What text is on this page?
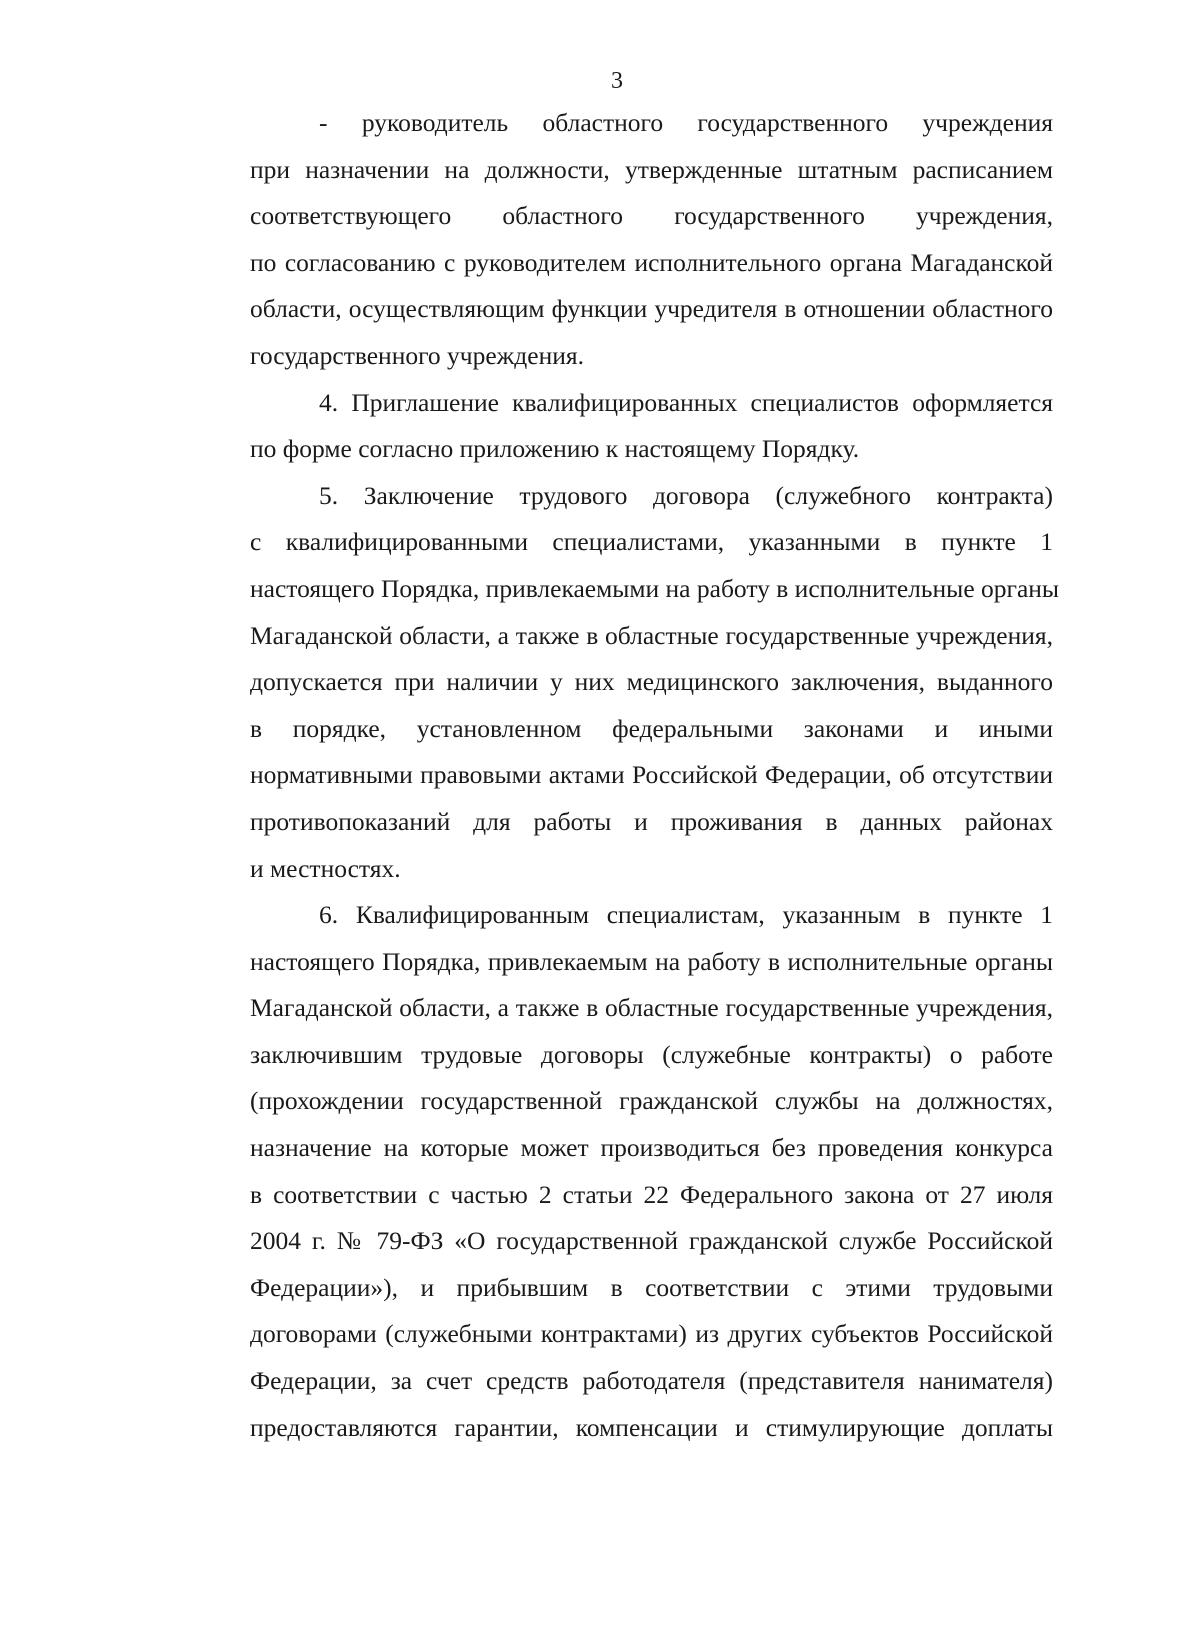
3
- руководитель областного государственного учреждения
при назначении на должности, утвержденные штатным расписанием
соответствующего областного государственного учреждения,
по согласованию с руководителем исполнительного органа Магаданской
области, осуществляющим функции учредителя в отношении областного
государственного учреждения.
4. Приглашение квалифицированных специалистов оформляется
по форме согласно приложению к настоящему Порядку.
5. Заключение трудового договора (служебного контракта)
с квалифицированными специалистами, указанными в пункте 1
настоящего Порядка, привлекаемыми на работу в исполнительные органы
Магаданской области, а также в областные государственные учреждения,
допускается при наличии у них медицинского заключения, выданного
в порядке, установленном федеральными законами и иными
нормативными правовыми актами Российской Федерации, об отсутствии
противопоказаний для работы и проживания в данных районах
и местностях.
6. Квалифицированным специалистам, указанным в пункте 1
настоящего Порядка, привлекаемым на работу в исполнительные органы
Магаданской области, а также в областные государственные учреждения,
заключившим трудовые договоры (служебные контракты) о работе
(прохождении государственной гражданской службы на должностях,
назначение на которые может производиться без проведения конкурса
в соответствии с частью 2 статьи 22 Федерального закона от 27 июля
2004 г. № 79-ФЗ «О государственной гражданской службе Российской
Федерации»), и прибывшим в соответствии с этими трудовыми
договорами (служебными контрактами) из других субъектов Российской
Федерации, за счет средств работодателя (представителя нанимателя)
предоставляются гарантии, компенсации и стимулирующие доплаты
